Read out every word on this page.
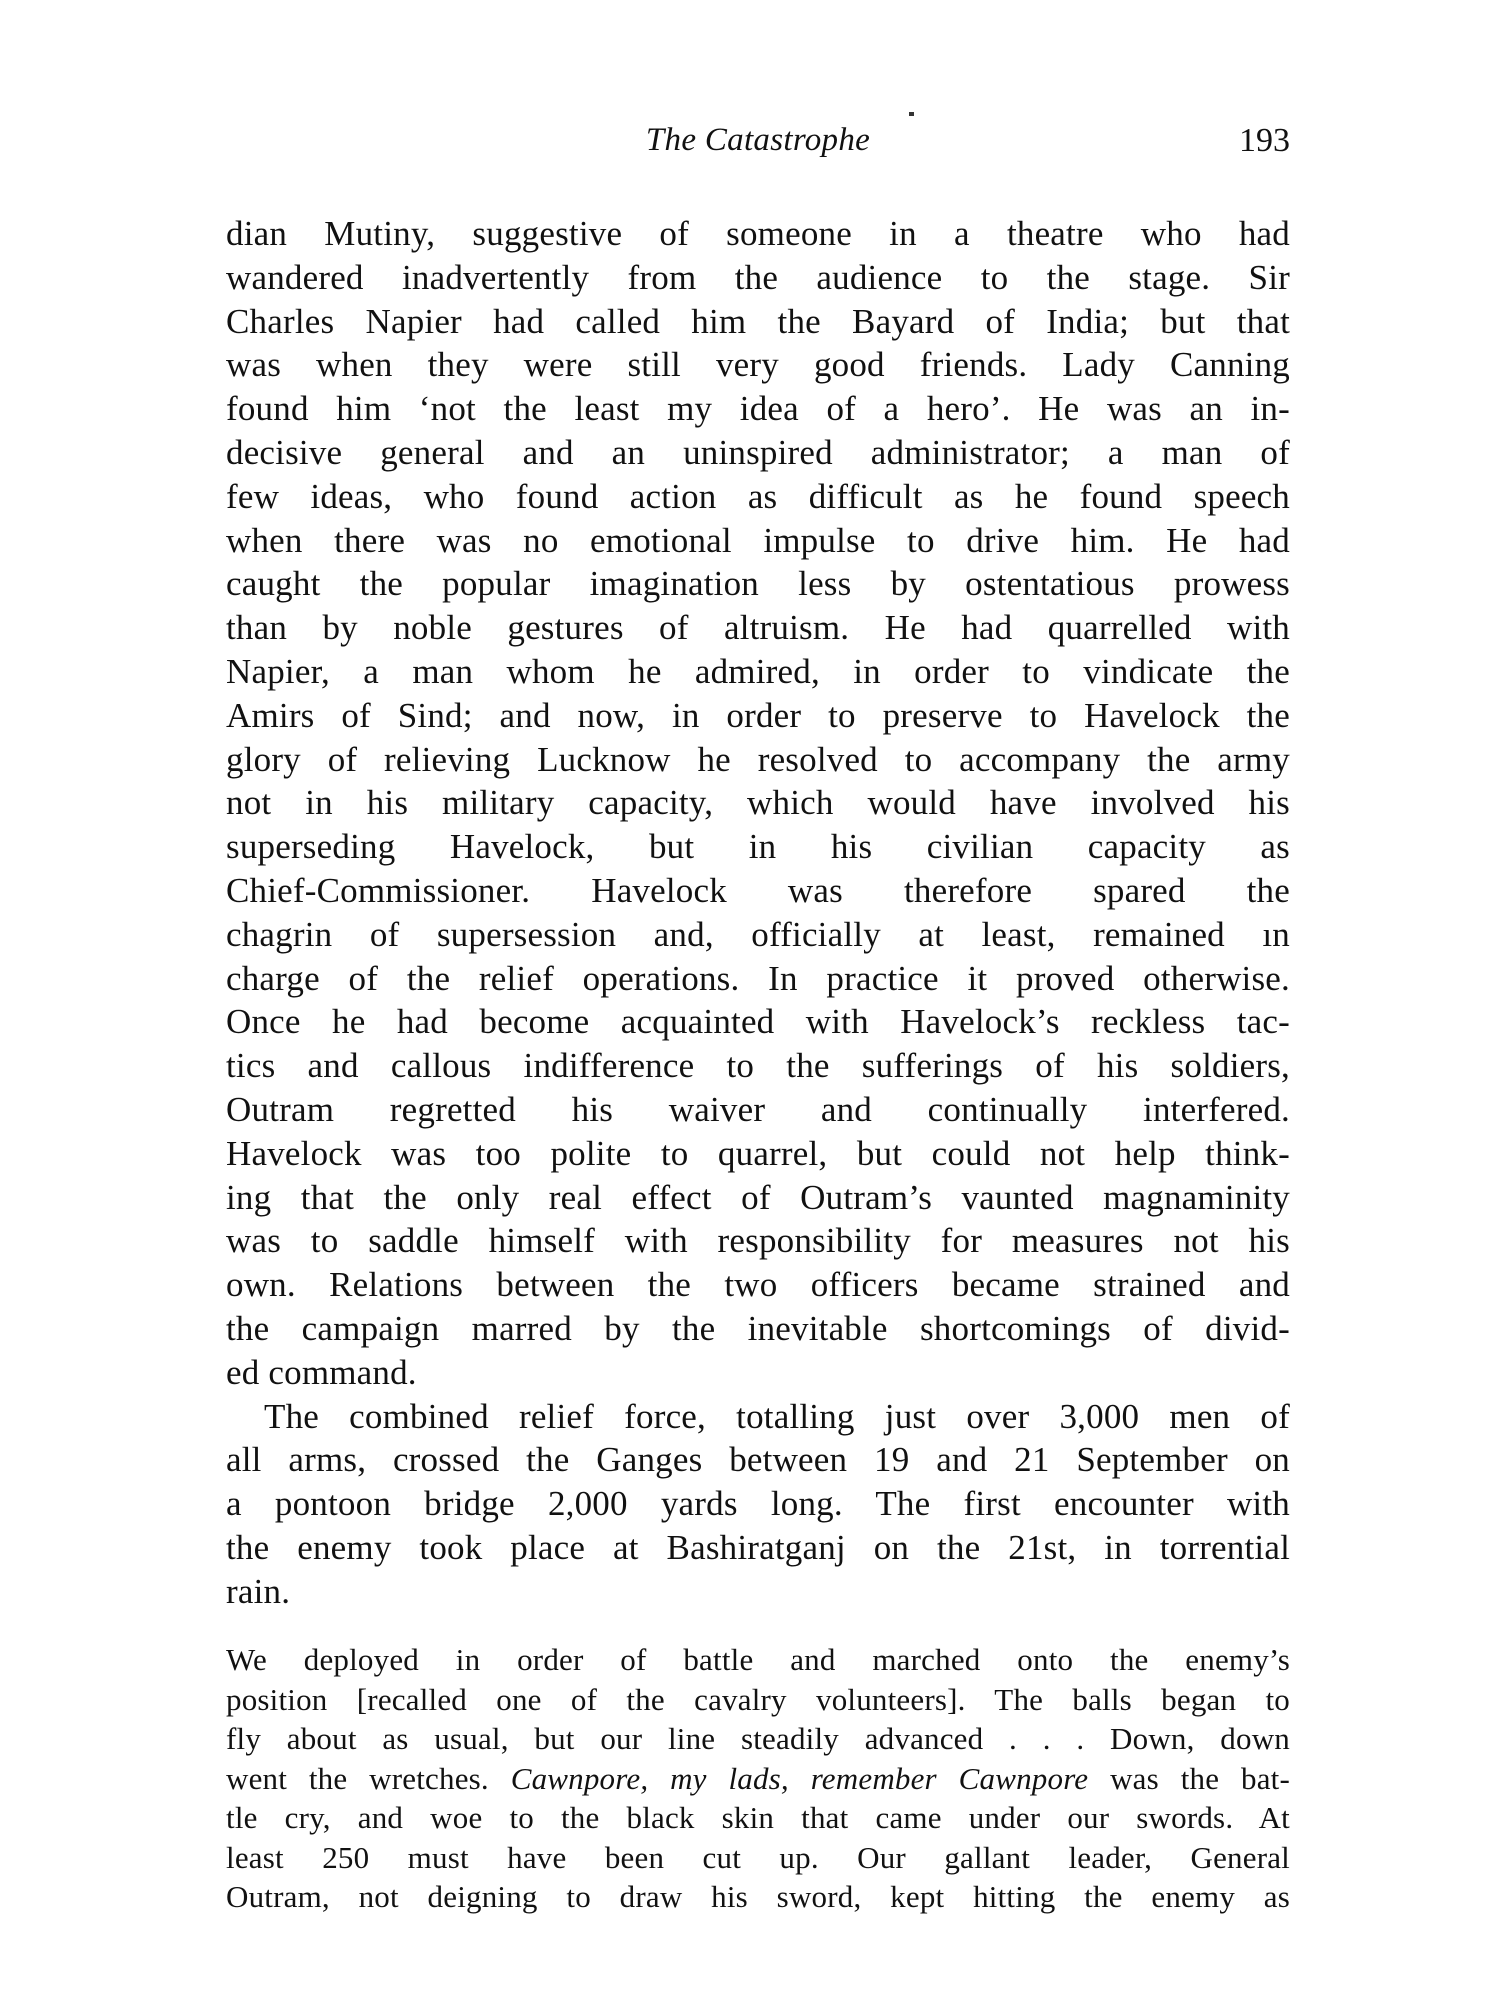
The Catastrophe	193
dian Mutiny, suggestive of someone in a theatre who had
wandered inadvertently from the audience to the stage. Sir
Charles Napier had called him the Bayard of India; but that
was when they were still very good friends. Lady Canning
found him ‘not the least my idea of a hero’. He was an in-
decisive general and an uninspired administrator; a man of
few ideas, who found action as difficult as he found speech
when there was no emotional impulse to drive him. He had
caught the popular imagination less by ostentatious prowess
than by noble gestures of altruism. He had quarrelled with
Napier, a man whom he admired, in order to vindicate the
Amirs of Sind; and now, in order to preserve to Havelock the
glory of relieving Lucknow he resolved to accompany the army
not in his military capacity, which would have involved his
superseding Havelock, but in his civilian capacity as
Chief-Commissioner. Havelock was therefore spared the
chagrin of supersession and, officially at least, remained ın
charge of the relief operations. In practice it proved otherwise.
Once he had become acquainted with Havelock’s reckless tac-
tics and callous indifference to the sufferings of his soldiers,
Outram regretted his waiver and continually interfered.
Havelock was too polite to quarrel, but could not help think-
ing that the only real effect of Outram’s vaunted magnaminity
was to saddle himself with responsibility for measures not his
own. Relations between the two officers became strained and
the campaign marred by the inevitable shortcomings of divid-
ed command.
The combined relief force, totalling just over 3,000 men of
all arms, crossed the Ganges between 19 and 21 September on
a pontoon bridge 2,000 yards long. The first encounter with
the enemy took place at Bashiratganj on the 21st, in torrential
rain.
We deployed in order of battle and marched onto the enemy’s
position [recalled one of the cavalry volunteers]. The balls began to
fly about as usual, but our line steadily advanced . . . Down, down
went the wretches. Cawnpore, my lads, remember Cawnpore was the bat-
tle cry, and woe to the black skin that came under our swords. At
least 250 must have been cut up. Our gallant leader, General
Outram, not deigning to draw his sword, kept hitting the enemy as
